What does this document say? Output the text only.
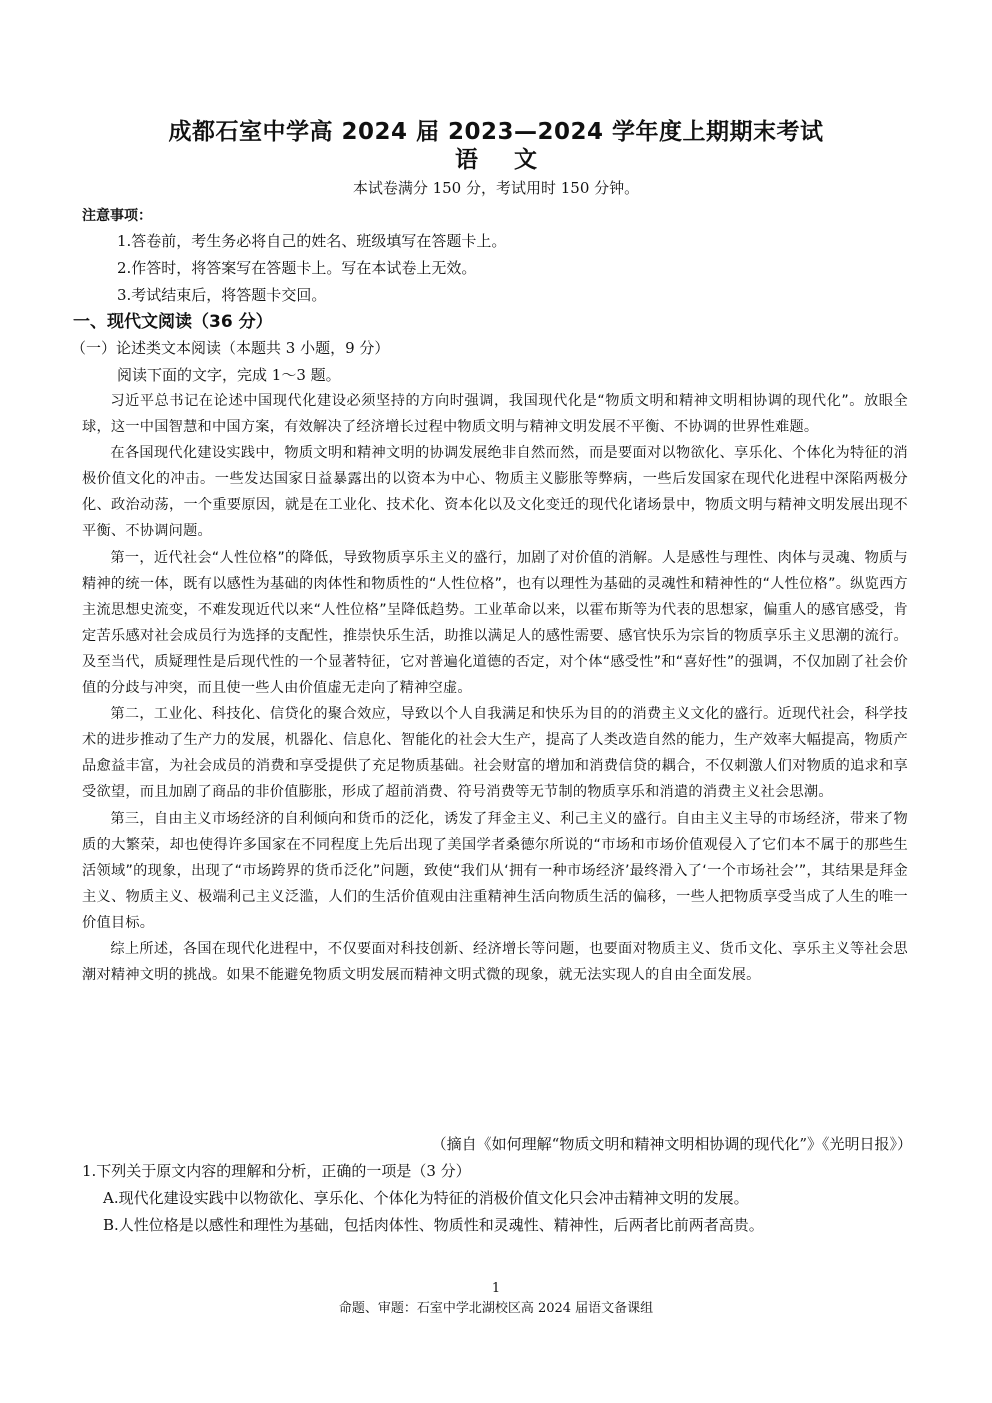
成都石室中学高 2024 届 2023—2024 学年度上期期末考试
语 文
本试卷满分 150 分，考试用时 150 分钟。
注意事项：
1.答卷前，考生务必将自己的姓名、班级填写在答题卡上。
2.作答时，将答案写在答题卡上。写在本试卷上无效。
3.考试结束后，将答题卡交回。
一、现代文阅读（36 分）
（一）论述类文本阅读（本题共 3 小题，9 分）
阅读下面的文字，完成 1～3 题。

习近平总书记在论述中国现代化建设必须坚持的方向时强调，我国现代化是“物质文明和精神文明相协调的现代化”。放眼全球，这一中国智慧和中国方案，有效解决了经济增长过程中物质文明与精神文明发展不平衡、不协调的世界性难题。

在各国现代化建设实践中，物质文明和精神文明的协调发展绝非自然而然，而是要面对以物欲化、享乐化、个体化为特征的消极价值文化的冲击。一些发达国家日益暴露出的以资本为中心、物质主义膨胀等弊病，一些后发国家在现代化进程中深陷两极分化、政治动荡，一个重要原因，就是在工业化、技术化、资本化以及文化变迁的现代化诸场景中，物质文明与精神文明发展出现不平衡、不协调问题。

第一，近代社会“人性位格”的降低，导致物质享乐主义的盛行，加剧了对价值的消解。人是感性与理性、肉体与灵魂、物质与精神的统一体，既有以感性为基础的肉体性和物质性的“人性位格”，也有以理性为基础的灵魂性和精神性的“人性位格”。纵览西方主流思想史流变，不难发现近代以来“人性位格”呈降低趋势。工业革命以来，以霍布斯等为代表的思想家，偏重人的感官感受，肯定苦乐感对社会成员行为选择的支配性，推崇快乐生活，助推以满足人的感性需要、感官快乐为宗旨的物质享乐主义思潮的流行。及至当代，质疑理性是后现代性的一个显著特征，它对普遍化道德的否定，对个体“感受性”和“喜好性”的强调，不仅加剧了社会价值的分歧与冲突，而且使一些人由价值虚无走向了精神空虚。

第二，工业化、科技化、信贷化的聚合效应，导致以个人自我满足和快乐为目的的消费主义文化的盛行。近现代社会，科学技术的进步推动了生产力的发展，机器化、信息化、智能化的社会大生产，提高了人类改造自然的能力，生产效率大幅提高，物质产品愈益丰富，为社会成员的消费和享受提供了充足物质基础。社会财富的增加和消费信贷的耦合，不仅刺激人们对物质的追求和享受欲望，而且加剧了商品的非价值膨胀，形成了超前消费、符号消费等无节制的物质享乐和消遣的消费主义社会思潮。

第三，自由主义市场经济的自利倾向和货币的泛化，诱发了拜金主义、利己主义的盛行。自由主义主导的市场经济，带来了物质的大繁荣，却也使得许多国家在不同程度上先后出现了美国学者桑德尔所说的“市场和市场价值观侵入了它们本不属于的那些生活领域”的现象，出现了“市场跨界的货币泛化”问题，致使“我们从‘拥有一种市场经济’最终滑入了‘一个市场社会’”，其结果是拜金主义、物质主义、极端利己主义泛滥，人们的生活价值观由注重精神生活向物质生活的偏移，一些人把物质享受当成了人生的唯一价值目标。

综上所述，各国在现代化进程中，不仅要面对科技创新、经济增长等问题，也要面对物质主义、货币文化、享乐主义等社会思潮对精神文明的挑战。如果不能避免物质文明发展而精神文明式微的现象，就无法实现人的自由全面发展。

（摘自《如何理解“物质文明和精神文明相协调的现代化”》《光明日报》）
1.下列关于原文内容的理解和分析，正确的一项是（3 分）
A.现代化建设实践中以物欲化、享乐化、个体化为特征的消极价值文化只会冲击精神文明的发展。
B.人性位格是以感性和理性为基础，包括肉体性、物质性和灵魂性、精神性，后两者比前两者高贵。
1
命题、审题：石室中学北湖校区高 2024 届语文备课组
